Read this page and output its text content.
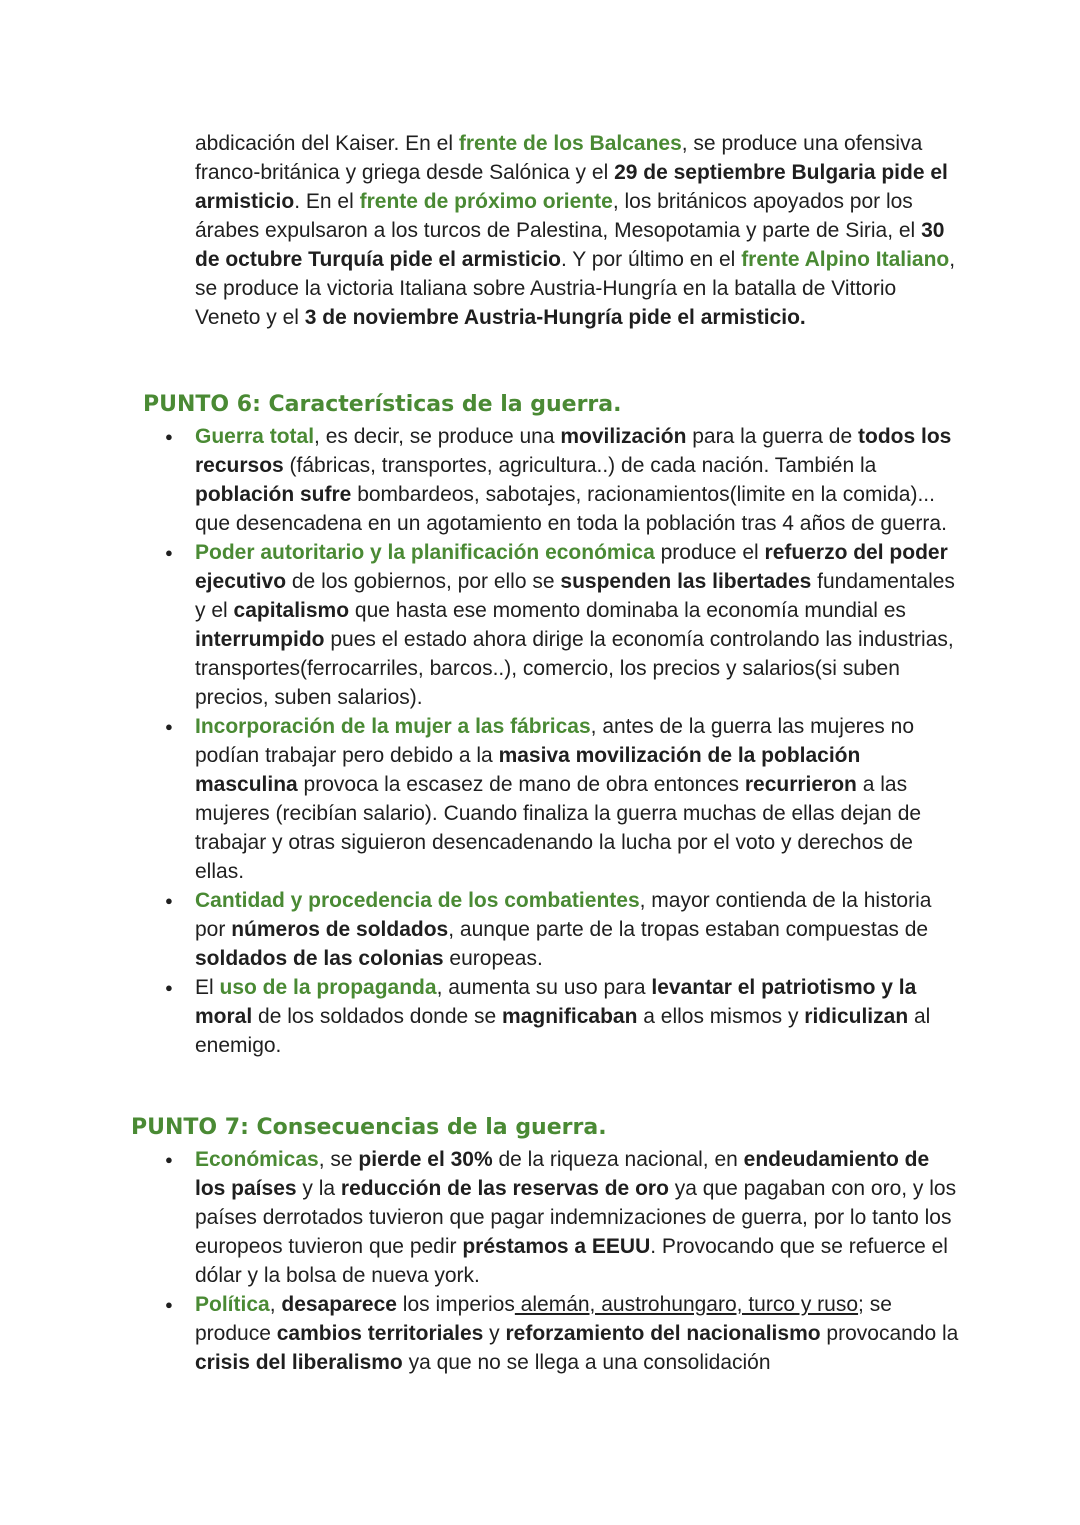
abdicación del Kaiser. En el frente de los Balcanes, se produce una ofensiva franco-británica y griega desde Salónica y el 29 de septiembre Bulgaria pide el armisticio. En el frente de próximo oriente, los británicos apoyados por los árabes expulsaron a los turcos de Palestina, Mesopotamia y parte de Siria, el 30 de octubre Turquía pide el armisticio. Y por último en el frente Alpino Italiano, se produce la victoria Italiana sobre Austria-Hungría en la batalla de Vittorio Veneto y el 3 de noviembre Austria-Hungría pide el armisticio.

PUNTO 6: Características de la guerra.
● Guerra total, es decir, se produce una movilización para la guerra de todos los recursos (fábricas, transportes, agricultura..) de cada nación. También la población sufre bombardeos, sabotajes, racionamientos(limite en la comida)... que desencadena en un agotamiento en toda la población tras 4 años de guerra.
● Poder autoritario y la planificación económica produce el refuerzo del poder ejecutivo de los gobiernos, por ello se suspenden las libertades fundamentales y el capitalismo que hasta ese momento dominaba la economía mundial es interrumpido pues el estado ahora dirige la economía controlando las industrias, transportes(ferrocarriles, barcos..), comercio, los precios y salarios(si suben precios, suben salarios).
● Incorporación de la mujer a las fábricas, antes de la guerra las mujeres no podían trabajar pero debido a la masiva movilización de la población masculina provoca la escasez de mano de obra entonces recurrieron a las mujeres (recibían salario). Cuando finaliza la guerra muchas de ellas dejan de trabajar y otras siguieron desencadenando la lucha por el voto y derechos de ellas.
● Cantidad y procedencia de los combatientes, mayor contienda de la historia por números de soldados, aunque parte de la tropas estaban compuestas de soldados de las colonias europeas.
● El uso de la propaganda, aumenta su uso para levantar el patriotismo y la moral de los soldados donde se magnificaban a ellos mismos y ridiculizan al enemigo.
PUNTO 7: Consecuencias de la guerra.
● Económicas, se pierde el 30% de la riqueza nacional, en endeudamiento de los países y la reducción de las reservas de oro ya que pagaban con oro, y los países derrotados tuvieron que pagar indemnizaciones de guerra, por lo tanto los europeos tuvieron que pedir préstamos a EEUU. Provocando que se refuerce el dólar y la bolsa de nueva york.
● Política, desaparece los imperios alemán, austrohungaro, turco y ruso; se produce cambios territoriales y reforzamiento del nacionalismo provocando la crisis del liberalismo ya que no se llega a una consolidación
